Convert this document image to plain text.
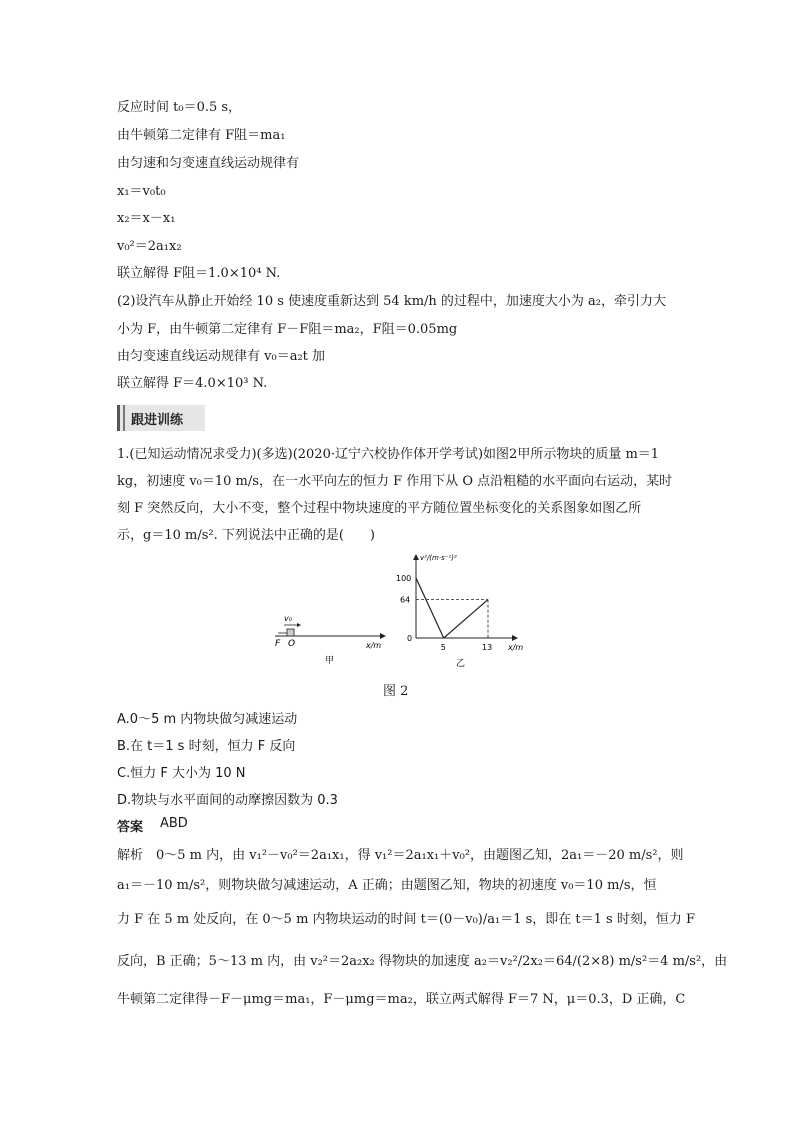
反应时间 t₀＝0.5 s，
由牛顿第二定律有 F阻＝ma₁
由匀速和匀变速直线运动规律有
x₁＝v₀t₀
x₂＝x－x₁
v₀²＝2a₁x₂
联立解得 F阻＝1.0×10⁴ N.
(2)设汽车从静止开始经 10 s 使速度重新达到 54 km/h 的过程中，加速度大小为 a₂，牵引力大
小为 F，由牛顿第二定律有 F－F阻＝ma₂，F阻＝0.05mg
由匀变速直线运动规律有 v₀＝a₂t 加
联立解得 F＝4.0×10³ N.
跟进训练
1.(已知运动情况求受力)(多选)(2020·辽宁六校协作体开学考试)如图2甲所示物块的质量 m＝1
kg，初速度 v₀＝10 m/s，在一水平向左的恒力 F 作用下从 O 点沿粗糙的水平面向右运动，某时
刻 F 突然反向，大小不变，整个过程中物块速度的平方随位置坐标变化的关系图象如图乙所
示，g＝10 m/s². 下列说法中正确的是(　　)
v₀
F O	x/m
甲
v²/(m·s⁻¹)²
100
64
0
5	13 x/m
乙
图 2
A.0～5 m 内物块做匀减速运动
B.在 t＝1 s 时刻，恒力 F 反向
C.恒力 F 大小为 10 N
D.物块与水平面间的动摩擦因数为 0.3
答案 ABD
解析　0～5 m 内，由 v₁²－v₀²＝2a₁x₁，得 v₁²＝2a₁x₁＋v₀²，由题图乙知，2a₁＝－20 m/s²，则
a₁＝－10 m/s²，则物块做匀减速运动，A 正确；由题图乙知，物块的初速度 v₀＝10 m/s，恒
力 F 在 5 m 处反向，在 0～5 m 内物块运动的时间 t＝(0－v₀)/a₁＝1 s，即在 t＝1 s 时刻，恒力 F
反向，B 正确；5～13 m 内，由 v₂²＝2a₂x₂ 得物块的加速度 a₂＝v₂²/2x₂＝64/(2×8) m/s²＝4 m/s²，由
牛顿第二定律得－F－μmg＝ma₁，F－μmg＝ma₂，联立两式解得 F＝7 N，μ＝0.3，D 正确，C
